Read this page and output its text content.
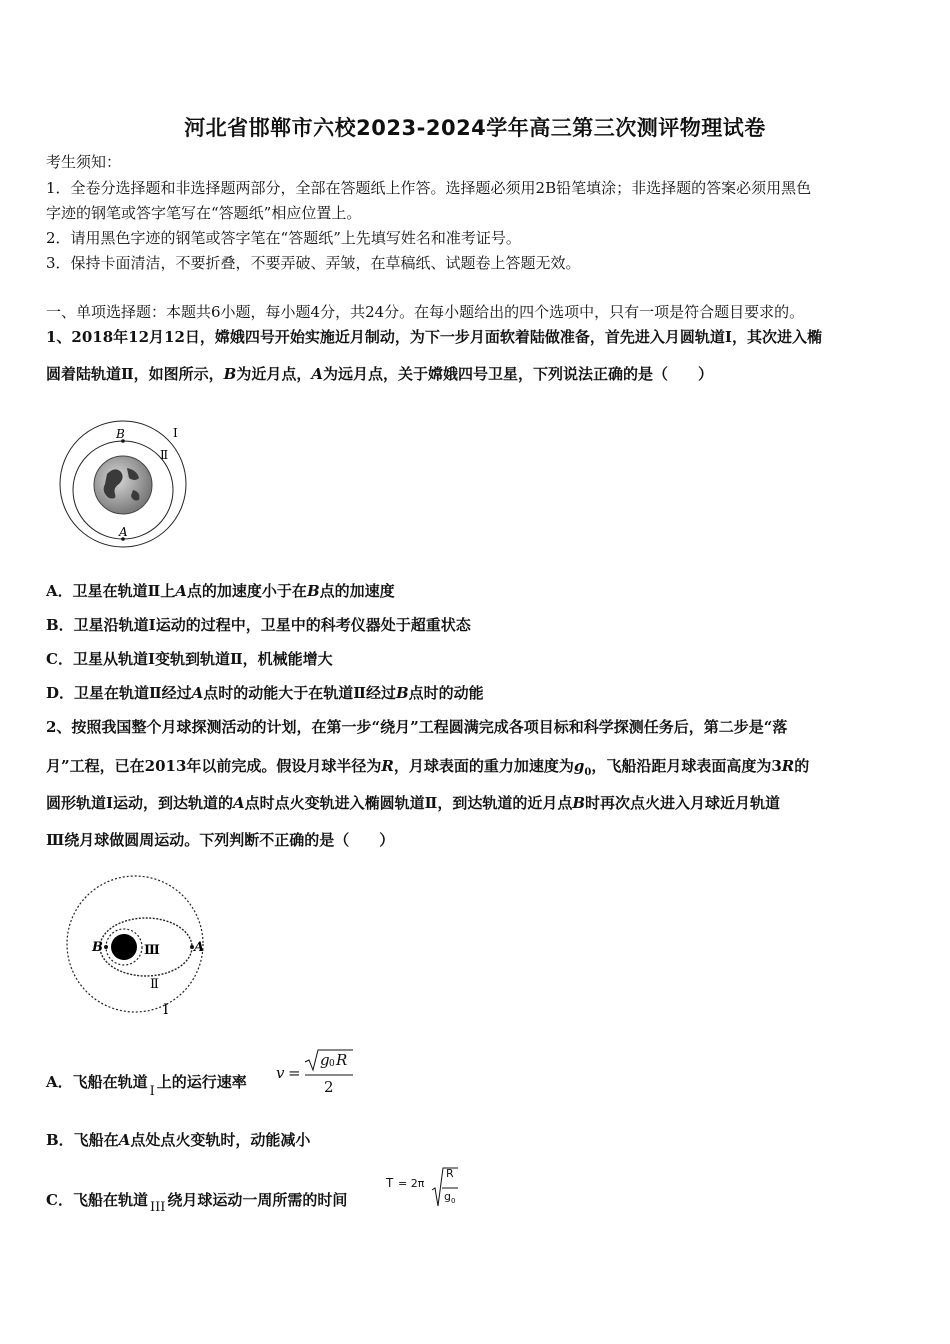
河北省邯郸市六校2023-2024学年高三第三次测评物理试卷
考生须知：
1．全卷分选择题和非选择题两部分，全部在答题纸上作答。选择题必须用2B铅笔填涂；非选择题的答案必须用黑色
字迹的钢笔或答字笔写在“答题纸”相应位置上。
2．请用黑色字迹的钢笔或答字笔在“答题纸”上先填写姓名和准考证号。
3．保持卡面清洁，不要折叠，不要弄破、弄皱，在草稿纸、试题卷上答题无效。
一、单项选择题：本题共6小题，每小题4分，共24分。在每小题给出的四个选项中，只有一项是符合题目要求的。
1、2018年12月12日，嫦娥四号开始实施近月制动，为下一步月面软着陆做准备，首先进入月圆轨道Ⅰ，其次进入椭
圆着陆轨道Ⅱ，如图所示，B为近月点，A为远月点，关于嫦娥四号卫星，下列说法正确的是（　　）
B
A
I
Ⅱ
A．卫星在轨道Ⅱ上A点的加速度小于在B点的加速度
B．卫星沿轨道Ⅰ运动的过程中，卫星中的科考仪器处于超重状态
C．卫星从轨道Ⅰ变轨到轨道Ⅱ，机械能增大
D．卫星在轨道Ⅱ经过A点时的动能大于在轨道Ⅱ经过B点时的动能
2、按照我国整个月球探测活动的计划，在第一步“绕月”工程圆满完成各项目标和科学探测任务后，第二步是“落
月”工程，已在2013年以前完成。假设月球半径为R，月球表面的重力加速度为$g_0$，飞船沿距月球表面高度为3R的
圆形轨道Ⅰ运动，到达轨道的A点时点火变轨进入椭圆轨道Ⅱ，到达轨道的近月点B时再次点火进入月球近月轨道
Ⅲ绕月球做圆周运动。下列判断不正确的是（　　）
B	A
Ⅲ
Ⅱ
I
A．飞船在轨道I上的运行速率 v =
g 0 R
2
B．飞船在A点处点火变轨时，动能减小
C．飞船在轨道 III 绕月球运动一周所需的时间
T = 2π
R
g 0
